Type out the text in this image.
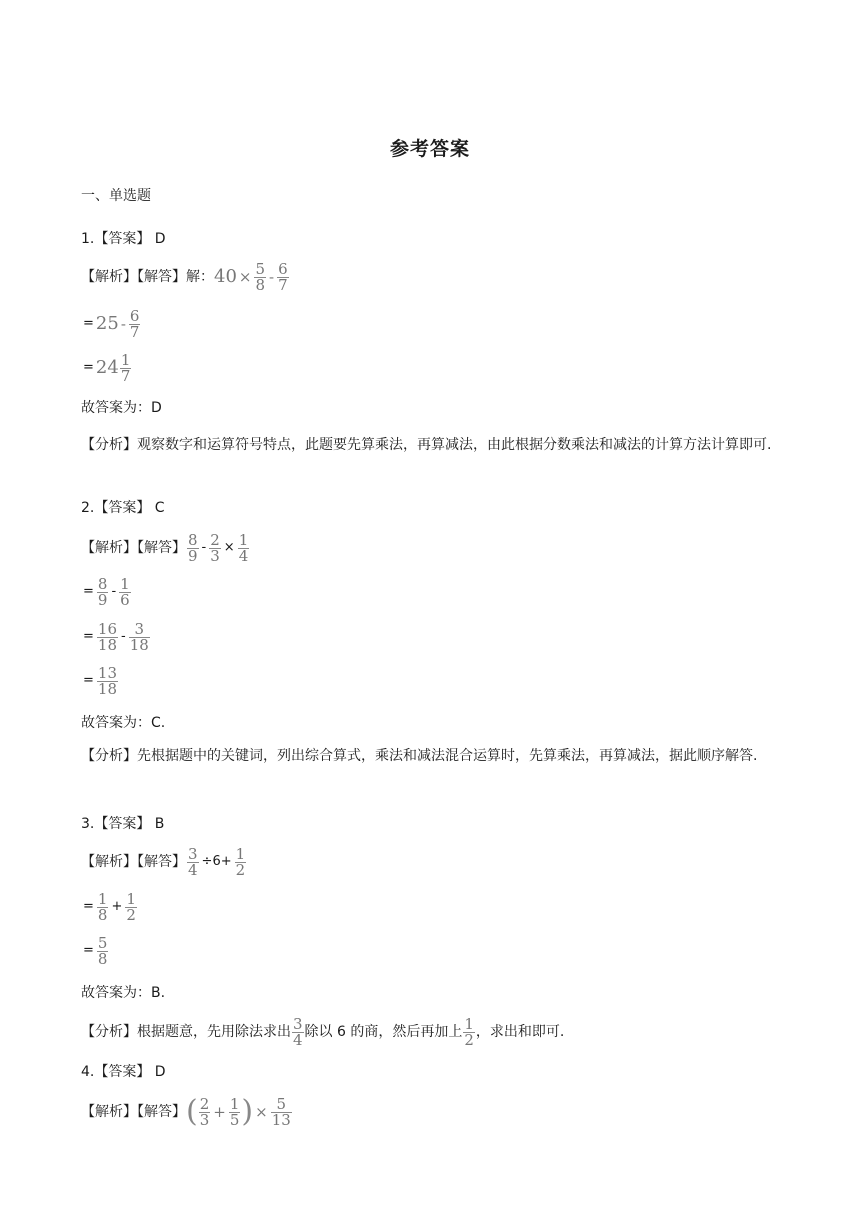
参考答案
一、单选题
1.【答案】 D
【解析】【解答】解：$40 \times \frac{5}{8} - \frac{6}{7}$
= $25 - \frac{6}{7}$
= $24 \frac{1}{7}$
故答案为：D
【分析】观察数字和运算符号特点，此题要先算乘法，再算减法，由此根据分数乘法和减法的计算方法计算即可.
2.【答案】 C
【解析】【解答】 $\frac{8}{9} - \frac{2}{3} \times \frac{1}{4}$
= $\frac{8}{9} - \frac{1}{6}$
= $\frac{16}{18} - \frac{3}{18}$
= $\frac{13}{18}$
故答案为：C.
【分析】先根据题中的关键词，列出综合算式，乘法和减法混合运算时，先算乘法，再算减法，据此顺序解答.
3.【答案】 B
【解析】【解答】 $\frac{3}{4} \div 6+ \frac{1}{2}$
= $\frac{1}{8} + \frac{1}{2}$
= $\frac{5}{8}$
故答案为：B.
【分析】根据题意，先用除法求出 $\frac{3}{4}$ 除以 6 的商，然后再加上 $\frac{1}{2}$ ，求出和即可.
4.【答案】 D
【解析】【解答】( $\frac{2}{3} + \frac{1}{5}$ ) × $\frac{5}{13}$
